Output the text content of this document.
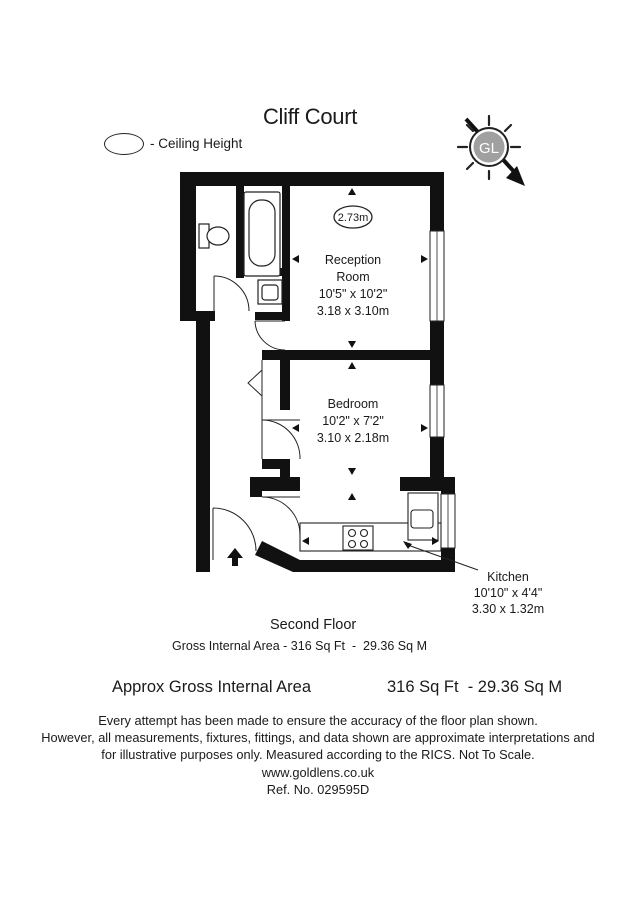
Cliff Court
- Ceiling Height	GL
2.73m
Reception
Room
10'5" x 10'2"
3.18 x 3.10m
Bedroom
10'2" x 7'2"
3.10 x 2.18m
Kitchen
10'10" x 4'4"
3.30 x 1.32m
Second Floor
Gross Internal Area - 316 Sq Ft  -  29.36 Sq M
Approx Gross Internal Area	316 Sq Ft  - 29.36 Sq M
Every attempt has been made to ensure the accuracy of the floor plan shown.
However, all measurements, fixtures, fittings, and data shown are approximate interpretations and
for illustrative purposes only. Measured according to the RICS. Not To Scale.
www.goldlens.co.uk
Ref. No. 029595D
